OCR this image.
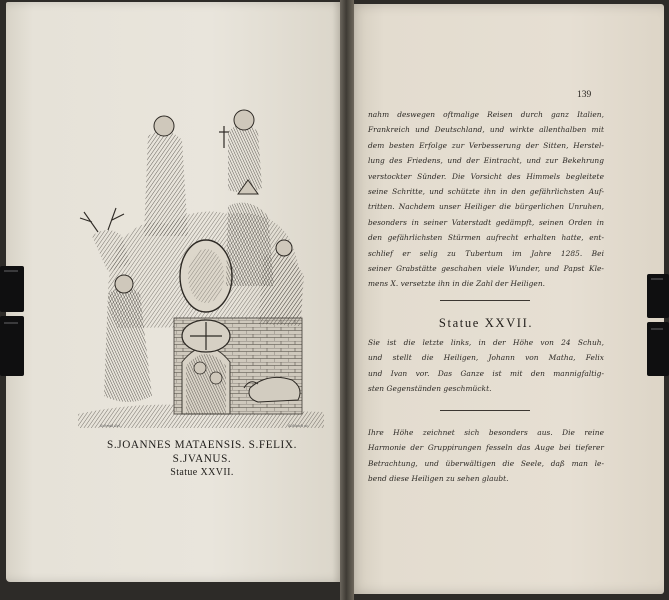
Schmid del.	Schleich sc.
S.JOANNES MATAENSIS. S.FELIX.
S.JVANUS.
Statue XXVII.
139
nahm deswegen oftmalige Reisen durch ganz Italien,
Frankreich und Deutschland, und wirkte allenthalben mit
dem besten Erfolge zur Verbesserung der Sitten, Herstel-
lung des Friedens, und der Eintracht, und zur Bekehrung
verstockter Sünder. Die Vorsicht des Himmels begleitete
seine Schritte, und schützte ihn in den gefährlichsten Auf-
tritten. Nachdem unser Heiliger die bürgerlichen Unruhen,
besonders in seiner Vaterstadt gedämpft, seinen Orden in
den gefährlichsten Stürmen aufrecht erhalten hatte, ent-
schlief er selig zu Tubertum im Jahre 1285. Bei
seiner Grabstätte geschahen viele Wunder, und Papst Kle-
mens X. versetzte ihn in die Zahl der Heiligen.
Statue XXVII.
Sie ist die letzte links, in der Höhe von 24 Schuh,
und stellt die Heiligen, Johann von Matha, Felix
und Ivan vor. Das Ganze ist mit den mannigfaltig-
sten Gegenständen geschmückt.
Ihre Höhe zeichnet sich besonders aus. Die reine
Harmonie der Gruppirungen fesseln das Auge bei tieferer
Betrachtung, und überwältigen die Seele, daß man le-
bend diese Heiligen zu sehen glaubt.
